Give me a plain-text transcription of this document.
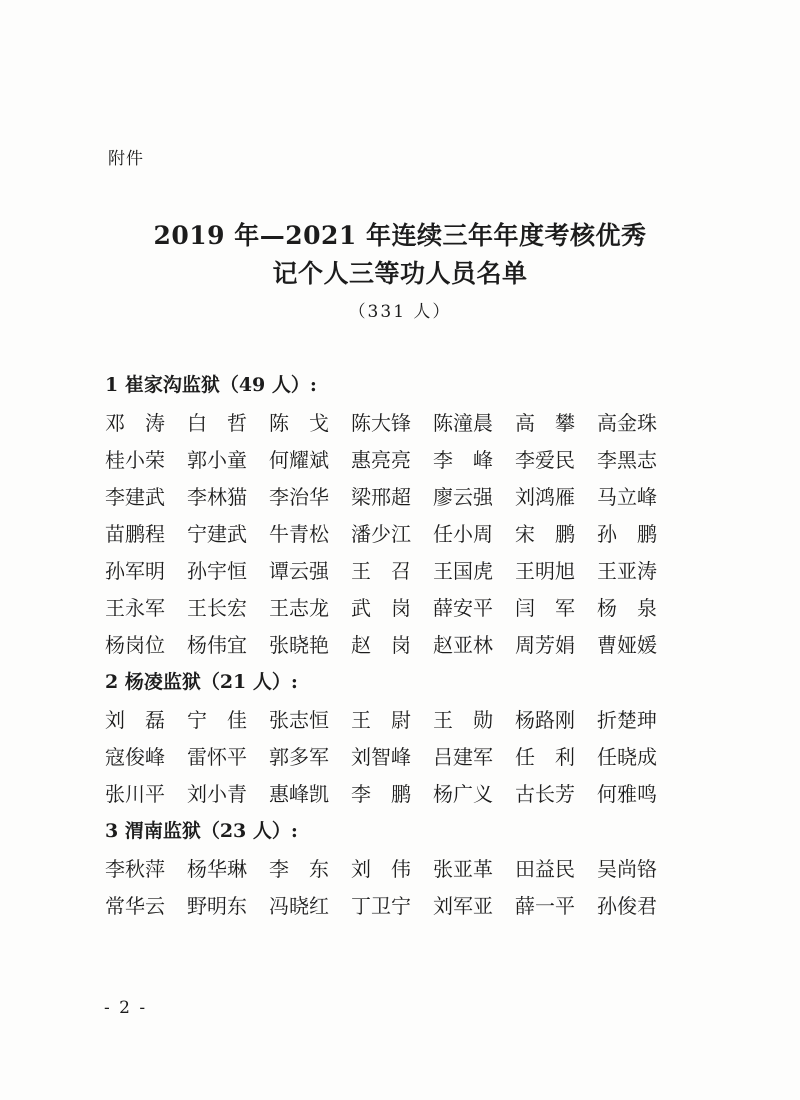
附件
2019 年—2021 年连续三年年度考核优秀
记个人三等功人员名单
（331 人）
1 崔家沟监狱（49 人）:
邓涛 白哲 陈戈 陈大锋	陈潼晨	高攀 高金珠
桂小荣	郭小童	何耀斌	惠亮亮	李峰 李爱民	李黑志
李建武	李林猫	李治华	梁邢超	廖云强	刘鸿雁	马立峰
苗鹏程	宁建武	牛青松	潘少江	任小周	宋鹏 孙鹏
孙军明	孙宇恒	谭云强	王召 王国虎	王明旭	王亚涛
王永军	王长宏	王志龙	武岗 薛安平	闫军 杨泉
杨岗位	杨伟宜	张晓艳	赵岗 赵亚林	周芳娟	曹娅媛
2 杨凌监狱（21 人）:
刘磊 宁佳 张志恒	王尉 王勋 杨路刚	折楚珅
寇俊峰	雷怀平	郭多军	刘智峰	吕建军	任利 任晓成
张川平	刘小青	惠峰凯	李鹏 杨广义	古长芳	何雅鸣
3 渭南监狱（23 人）:
李秋萍	杨华琳	李东 刘伟 张亚革	田益民	吴尚铬
常华云	野明东	冯晓红	丁卫宁	刘军亚	薛一平	孙俊君
- 2 -
